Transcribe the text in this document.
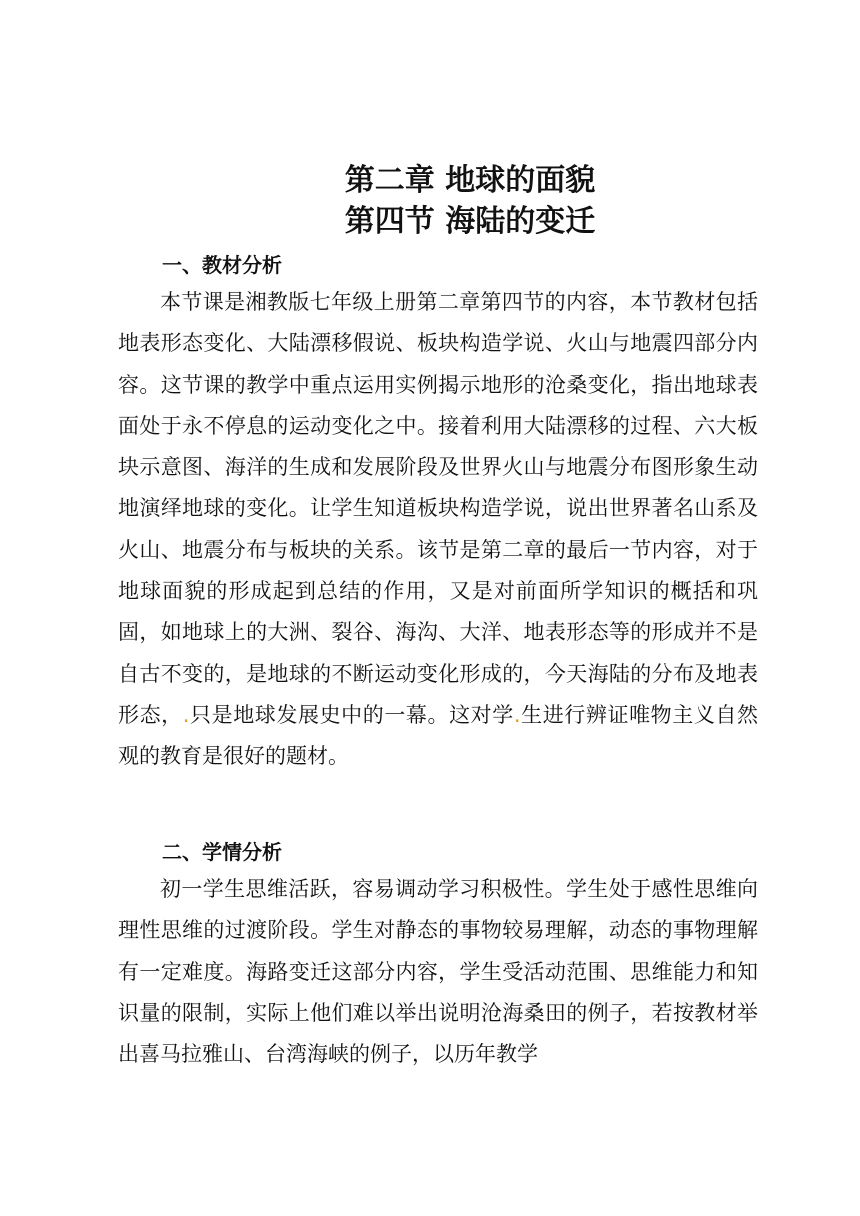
第二章 地球的面貌
第四节 海陆的变迁
一、教材分析

本节课是湘教版七年级上册第二章第四节的内容，本节教材包括地表形态变化、大陆漂移假说、板块构造学说、火山与地震四部分内容。这节课的教学中重点运用实例揭示地形的沧桑变化，指出地球表面处于永不停息的运动变化之中。接着利用大陆漂移的过程、六大板块示意图、海洋的生成和发展阶段及世界火山与地震分布图形象生动地演绎地球的变化。让学生知道板块构造学说，说出世界著名山系及火山、地震分布与板块的关系。该节是第二章的最后一节内容，对于地球面貌的形成起到总结的作用，又是对前面所学知识的概括和巩固，如地球上的大洲、裂谷、海沟、大洋、地表形态等的形成并不是自古不变的，是地球的不断运动变化形成的，今天海陆的分布及地表形态，.只是地球发展史中的一幕。这对学.生进行辨证唯物主义自然观的教育是很好的题材。

二、学情分析

初一学生思维活跃，容易调动学习积极性。学生处于感性思维向理性思维的过渡阶段。学生对静态的事物较易理解，动态的事物理解有一定难度。海路变迁这部分内容，学生受活动范围、思维能力和知识量的限制，实际上他们难以举出说明沧海桑田的例子，若按教材举出喜马拉雅山、台湾海峡的例子，以历年教学
